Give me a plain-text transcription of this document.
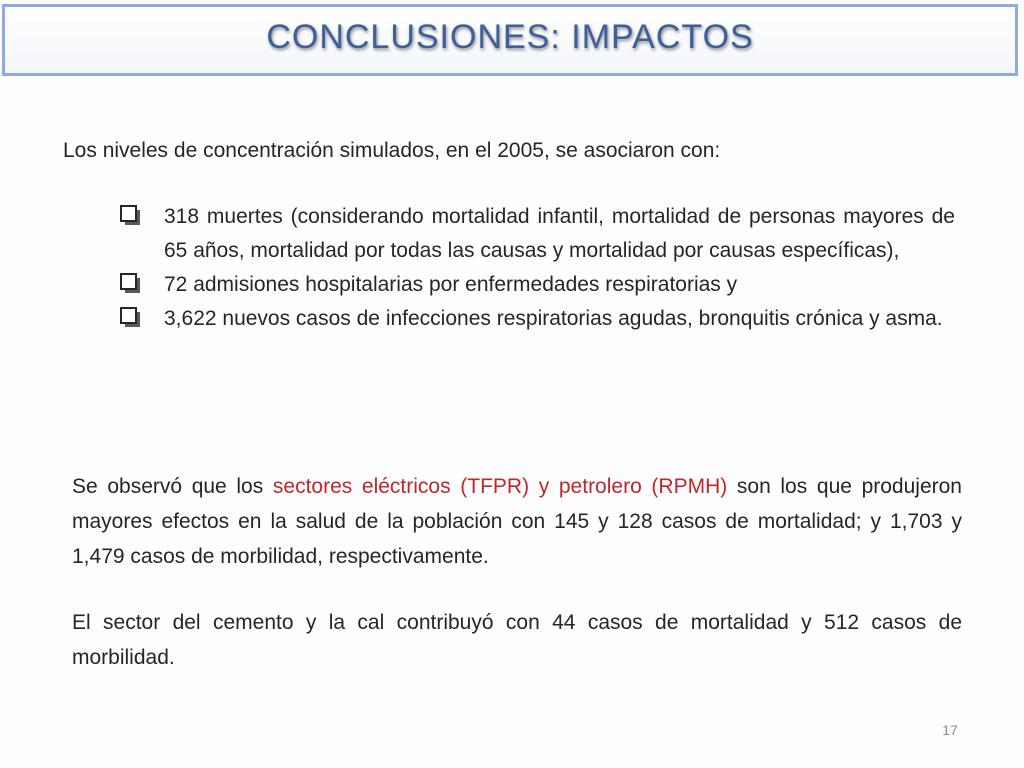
CONCLUSIONES: IMPACTOS

Los niveles de concentración simulados, en el 2005, se asociaron con:

318 muertes (considerando mortalidad infantil, mortalidad de personas mayores de 65 años, mortalidad por todas las causas y mortalidad por causas específicas),
72 admisiones hospitalarias por enfermedades respiratorias y
3,622 nuevos casos de infecciones respiratorias agudas, bronquitis crónica y asma.

Se observó que los sectores eléctricos (TFPR) y petrolero (RPMH) son los que produjeron mayores efectos en la salud de la población con 145 y 128 casos de mortalidad; y 1,703 y 1,479 casos de morbilidad, respectivamente.

El sector del cemento y la cal contribuyó con 44 casos de mortalidad y 512 casos de morbilidad.

17
